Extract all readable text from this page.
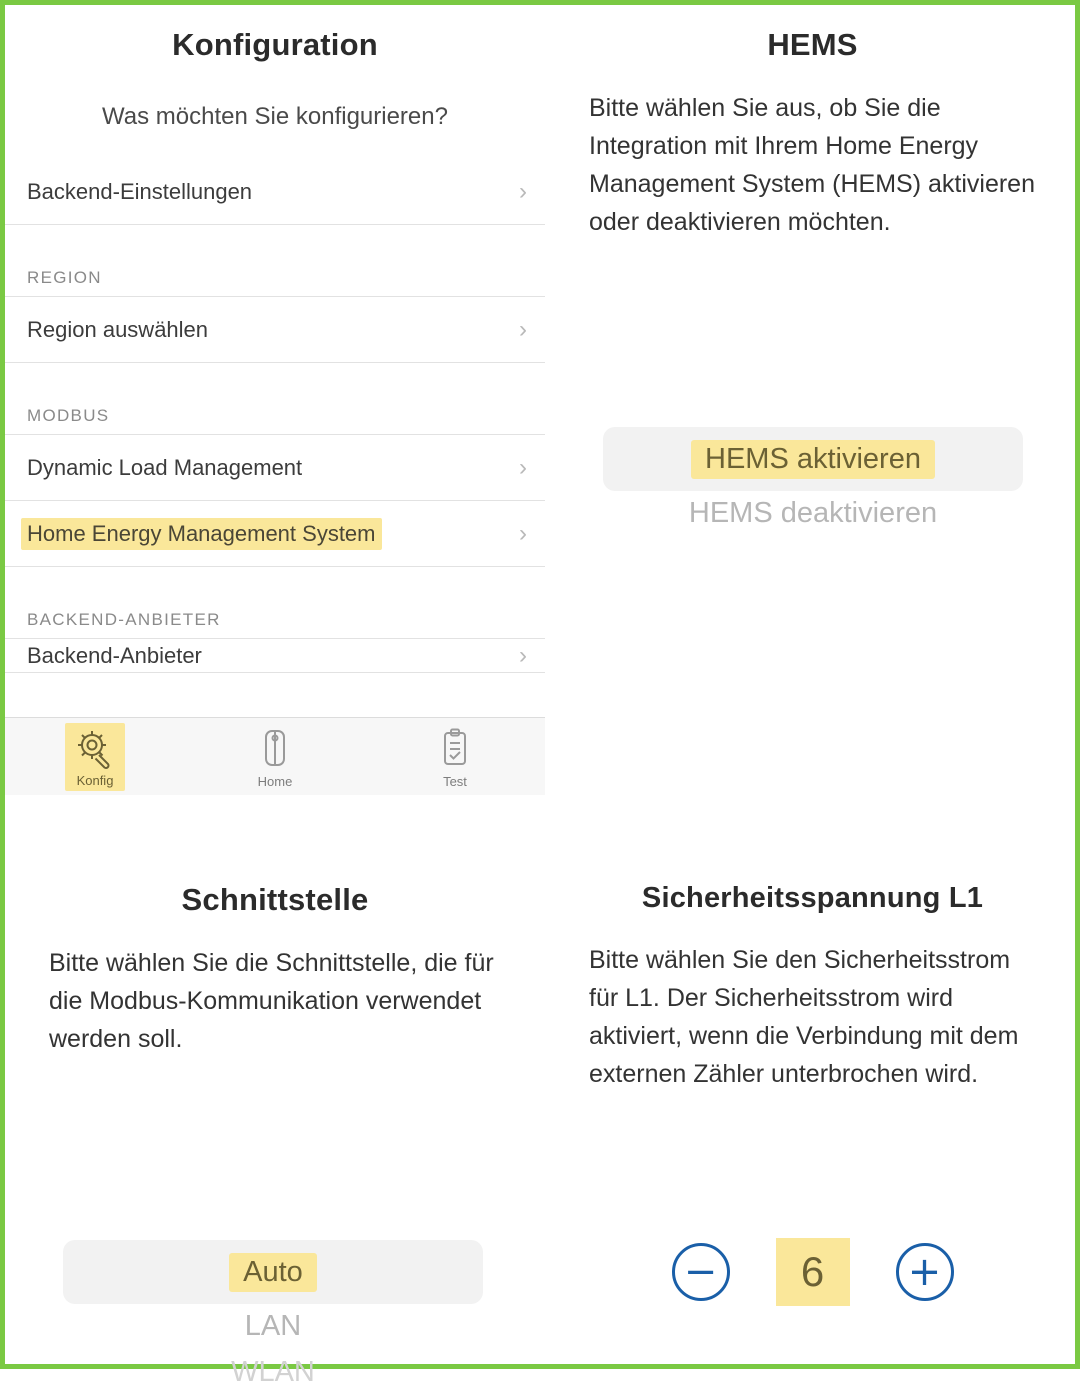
Konfiguration
Was möchten Sie konfigurieren?
Backend-Einstellungen	›
REGION
Region auswählen	›
MODBUS
Dynamic Load Management	›
Home Energy Management System	›
BACKEND-ANBIETER
Backend-Anbieter	›
Konfig	Home	Test
HEMS
Bitte wählen Sie aus, ob Sie die Integration mit Ihrem Home Energy Management System (HEMS) aktivieren oder deaktivieren möchten.
HEMS aktivieren
HEMS deaktivieren
Schnittstelle
Bitte wählen Sie die Schnittstelle, die für die Modbus-Kommunikation verwendet werden soll.
Auto
LAN
WLAN
Sicherheitsspannung L1
Bitte wählen Sie den Sicherheitsstrom für L1. Der Sicherheitsstrom wird aktiviert, wenn die Verbindung mit dem externen Zähler unterbrochen wird.
−	6	+
